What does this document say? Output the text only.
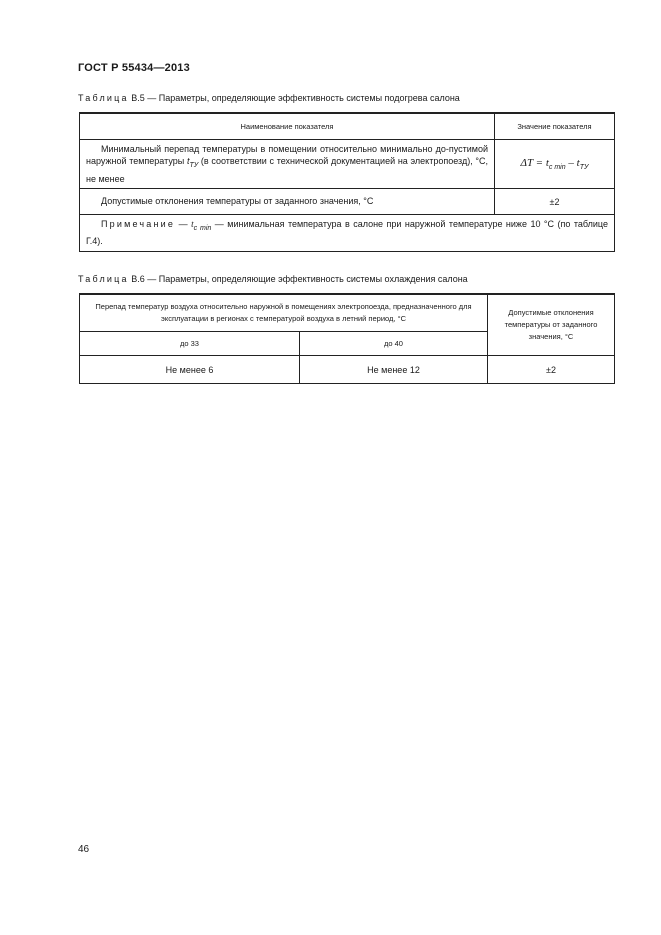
ГОСТ Р 55434—2013
Таблица В.5 — Параметры, определяющие эффективность системы подогрева салона
Наименование показателя	Значение показателя

Минимальный перепад температуры в помещении относительно минимально до-пустимой наружной температуры $t_{ТУ}$ (в соответствии с технической документацией на электропоезд), °С, не менее	$\Delta T = t_{c min} - t_{ТУ}$

Допустимые отклонения температуры от заданного значения, °С	±2

Примечание — $t_{c min}$ — минимальная температура в салоне при наружной температуре ниже 10 °С (по таблице Г.4).	
Таблица В.6 — Параметры, определяющие эффективность системы охлаждения салона
Перепад температур воздуха относительно наружной в помещениях электропоезда, предназначенного для эксплуатации в регионах с температурой воздуха в летний период, °С		Допустимые отклонения температуры от заданного значения, °С
до 33	до 40	
Не менее 6	Не менее 12	±2
46
